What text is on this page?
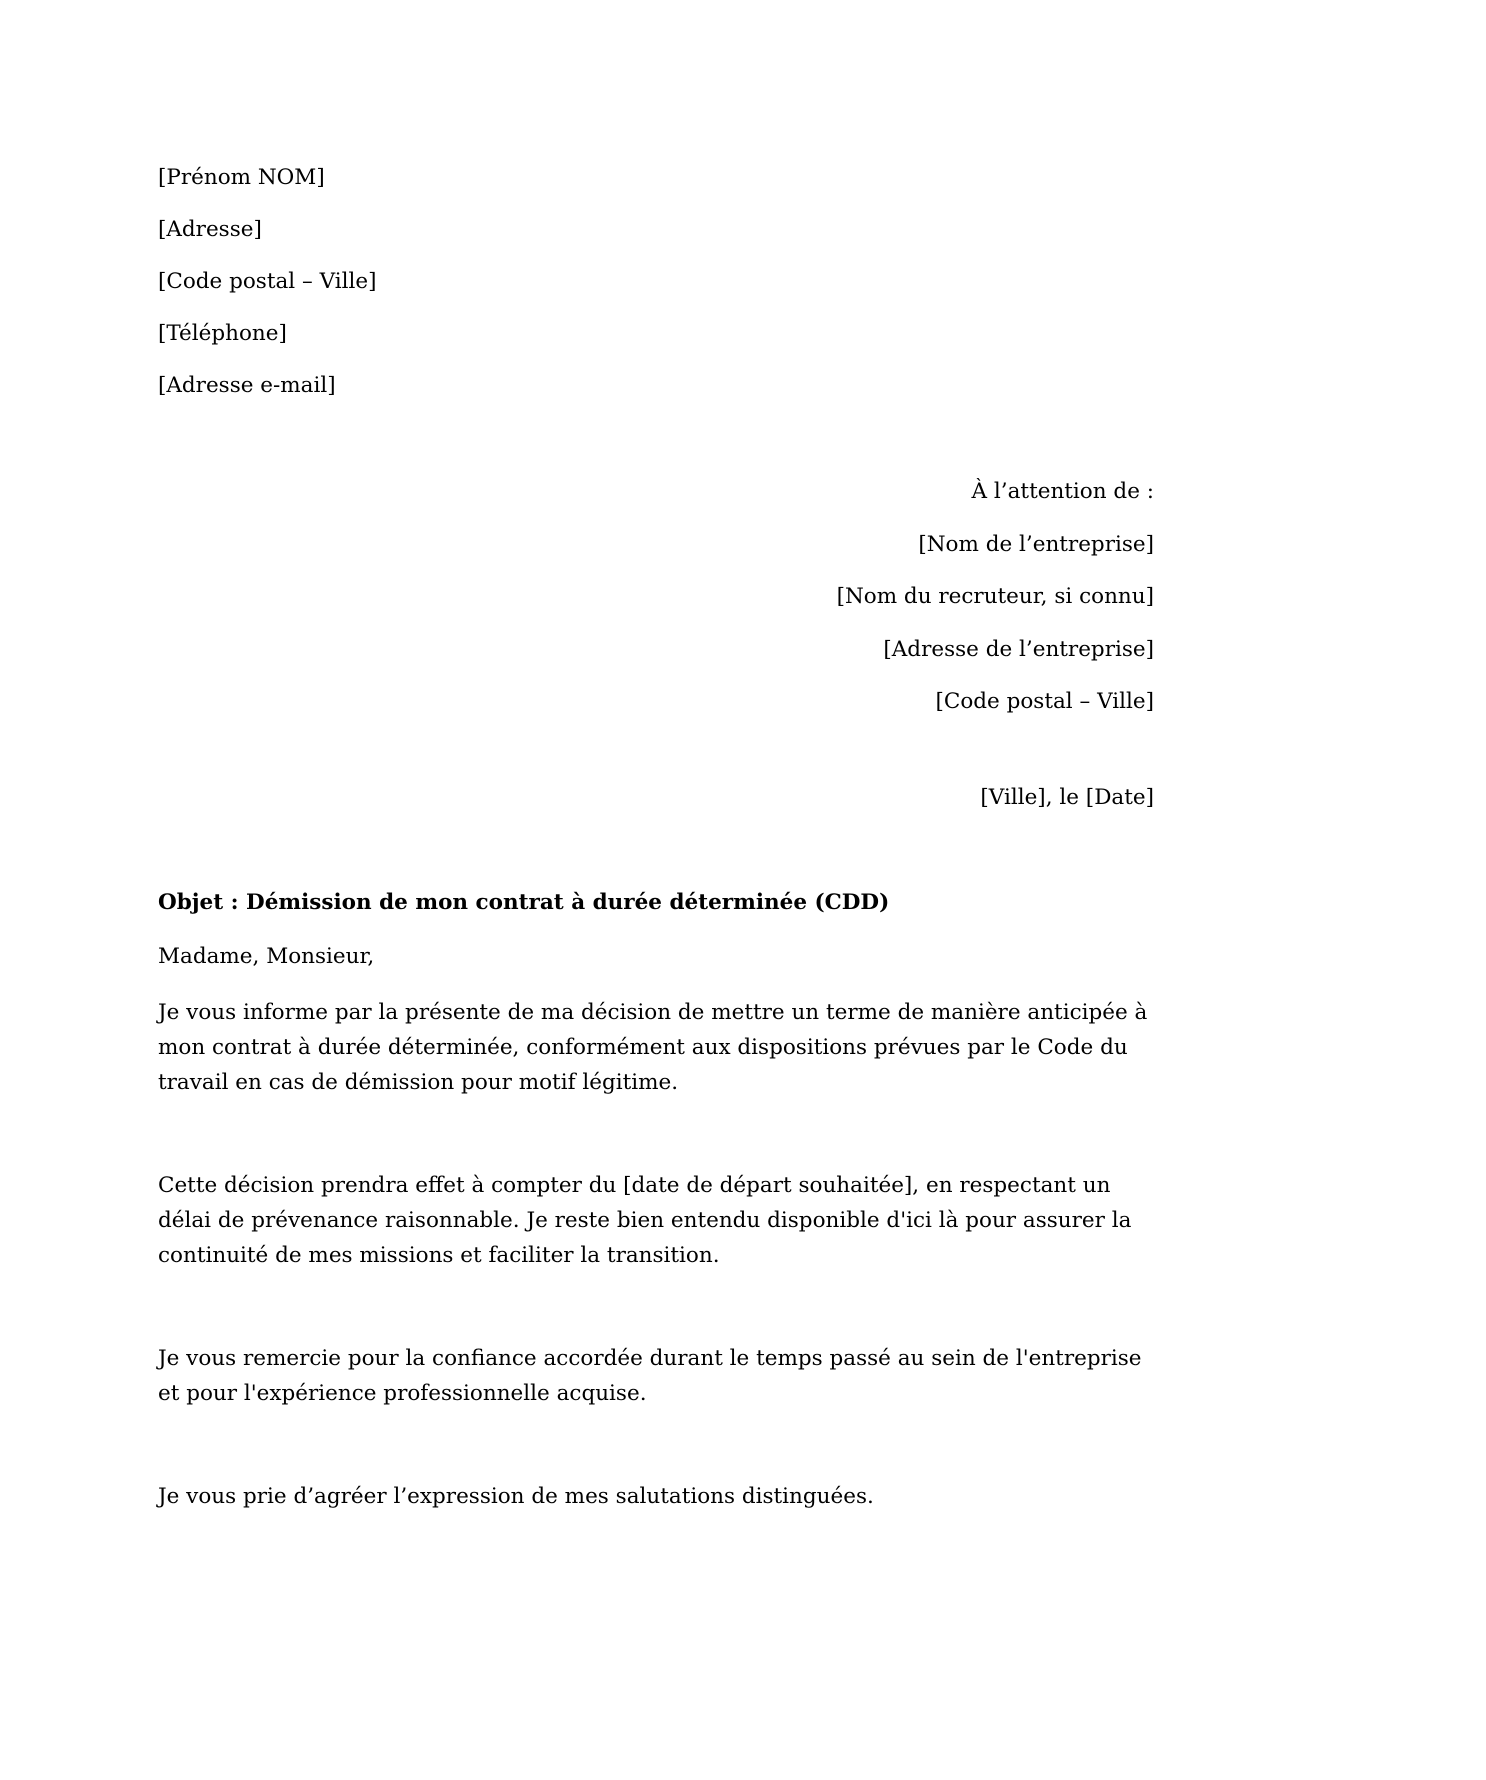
[Prénom NOM]
[Adresse]
[Code postal – Ville]
[Téléphone]
[Adresse e-mail]
À l’attention de :
[Nom de l’entreprise]
[Nom du recruteur, si connu]
[Adresse de l’entreprise]
[Code postal – Ville]
[Ville], le [Date]
Objet : Démission de mon contrat à durée déterminée (CDD)
Madame, Monsieur,

Je vous informe par la présente de ma décision de mettre un terme de manière anticipée à mon contrat à durée déterminée, conformément aux dispositions prévues par le Code du travail en cas de démission pour motif légitime.

Cette décision prendra effet à compter du [date de départ souhaitée], en respectant un délai de prévenance raisonnable. Je reste bien entendu disponible d'ici là pour assurer la continuité de mes missions et faciliter la transition.

Je vous remercie pour la confiance accordée durant le temps passé au sein de l'entreprise et pour l'expérience professionnelle acquise.

Je vous prie d’agréer l’expression de mes salutations distinguées.
